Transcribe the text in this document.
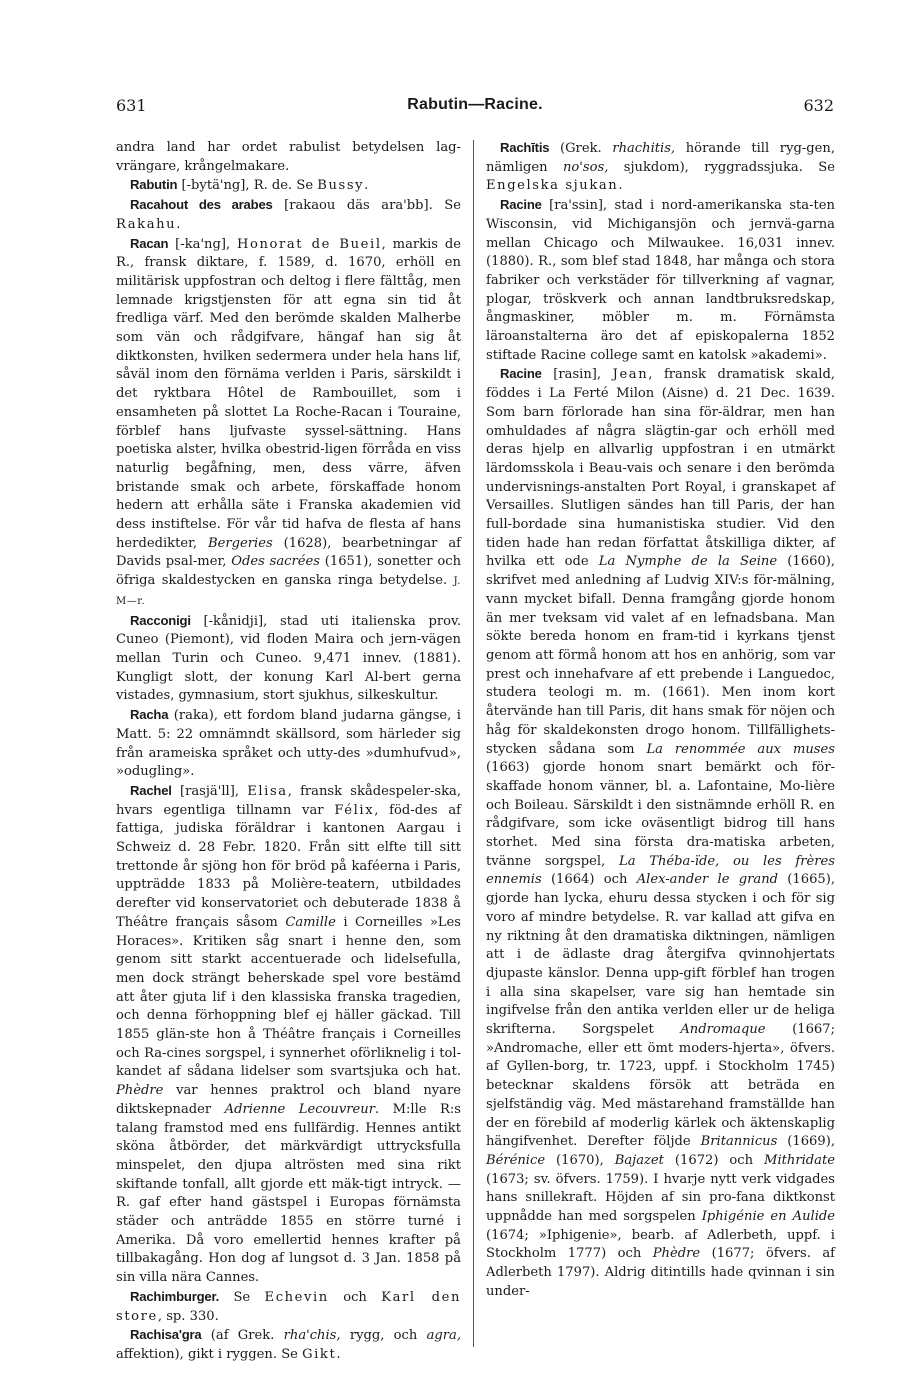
631	Rabutin—Racine.	632

andra land har ordet rabulist betydelsen lag-vrängare, krångelmakare.

Rabutin [-bytä'ng], R. de. Se Bussy.

Racahout des arabes [rakaou däs ara'bb]. Se Rakahu.

Racan [-ka'ng], Honorat de Bueil, markis de R., fransk diktare, f. 1589, d. 1670, erhöll en militärisk uppfostran och deltog i flere fälttåg, men lemnade krigstjensten för att egna sin tid åt fredliga värf. Med den berömde skalden Malherbe som vän och rådgifvare, hängaf han sig åt diktkonsten, hvilken sedermera under hela hans lif, såväl inom den förnäma verlden i Paris, särskildt i det ryktbara Hôtel de Rambouillet, som i ensamheten på slottet La Roche-Racan i Touraine, förblef hans ljufvaste syssel-sättning. Hans poetiska alster, hvilka obestrid-ligen förråda en viss naturlig begåfning, men, dess värre, äfven bristande smak och arbete, förskaffade honom hedern att erhålla säte i Franska akademien vid dess instiftelse. För vår tid hafva de flesta af hans herdedikter, Bergeries (1628), bearbetningar af Davids psal-mer, Odes sacrées (1651), sonetter och öfriga skaldestycken en ganska ringa betydelse. J. M—r.

Racconigi [-kånidji], stad uti italienska prov. Cuneo (Piemont), vid floden Maira och jern-vägen mellan Turin och Cuneo. 9,471 innev. (1881). Kungligt slott, der konung Karl Al-bert gerna vistades, gymnasium, stort sjukhus, silkeskultur.

Racha (raka), ett fordom bland judarna gängse, i Matt. 5: 22 omnämndt skällsord, som härleder sig från arameiska språket och utty-des »dumhufvud», »odugling».

Rachel [rasjä'll], Elisa, fransk skådespeler-ska, hvars egentliga tillnamn var Félix, föd-des af fattiga, judiska föräldrar i kantonen Aargau i Schweiz d. 28 Febr. 1820. Från sitt elfte till sitt trettonde år sjöng hon för bröd på kaféerna i Paris, uppträdde 1833 på Molière-teatern, utbildades derefter vid konservatoriet och debuterade 1838 å Théâtre français såsom Camille i Corneilles »Les Horaces». Kritiken såg snart i henne den, som genom sitt starkt accentuerade och lidelsefulla, men dock strängt beherskade spel vore bestämd att åter gjuta lif i den klassiska franska tragedien, och denna förhoppning blef ej häller gäckad. Till 1855 glän-ste hon å Théâtre français i Corneilles och Ra-cines sorgspel, i synnerhet oförliknelig i tol-kandet af sådana lidelser som svartsjuka och hat. Phèdre var hennes praktrol och bland nyare diktskepnader Adrienne Lecouvreur. M:lle R:s talang framstod med ens fullfärdig. Hennes antikt sköna åtbörder, det märkvärdigt uttrycksfulla minspelet, den djupa altrösten med sina rikt skiftande tonfall, allt gjorde ett mäk-tigt intryck. — R. gaf efter hand gästspel i Europas förnämsta städer och anträdde 1855 en större turné i Amerika. Då voro emellertid hennes krafter på tillbakagång. Hon dog af lungsot d. 3 Jan. 1858 på sin villa nära Cannes.

Rachimburger. Se Echevin och Karl den store, sp. 330.

Rachisa'gra (af Grek. rha'chis, rygg, och agra, affektion), gikt i ryggen. Se Gikt.

Rachītis (Grek. rhachitis, hörande till ryg-gen, nämligen no'sos, sjukdom), ryggradssjuka. Se Engelska sjukan.

Racine [ra'ssin], stad i nord-amerikanska sta-ten Wisconsin, vid Michigansjön och jernvä-garna mellan Chicago och Milwaukee. 16,031 innev. (1880). R., som blef stad 1848, har många och stora fabriker och verkstäder för tillverkning af vagnar, plogar, tröskverk och annan landtbruksredskap, ångmaskiner, möbler m. m. Förnämsta läroanstalterna äro det af episkopalerna 1852 stiftade Racine college samt en katolsk »akademi».

Racine [rasin], Jean, fransk dramatisk skald, föddes i La Ferté Milon (Aisne) d. 21 Dec. 1639. Som barn förlorade han sina för-äldrar, men han omhuldades af några slägtin-gar och erhöll med deras hjelp en allvarlig uppfostran i en utmärkt lärdomsskola i Beau-vais och senare i den berömda undervisnings-anstalten Port Royal, i granskapet af Versailles. Slutligen sändes han till Paris, der han full-bordade sina humanistiska studier. Vid den tiden hade han redan författat åtskilliga dikter, af hvilka ett ode La Nymphe de la Seine (1660), skrifvet med anledning af Ludvig XIV:s för-mälning, vann mycket bifall. Denna framgång gjorde honom än mer tveksam vid valet af en lefnadsbana. Man sökte bereda honom en fram-tid i kyrkans tjenst genom att förmå honom att hos en anhörig, som var prest och innehafvare af ett prebende i Languedoc, studera teologi m. m. (1661). Men inom kort återvände han till Paris, dit hans smak för nöjen och håg för skaldekonsten drogo honom. Tillfällighets-stycken sådana som La renommée aux muses (1663) gjorde honom snart bemärkt och för-skaffade honom vänner, bl. a. Lafontaine, Mo-lière och Boileau. Särskildt i den sistnämnde erhöll R. en rådgifvare, som icke oväsentligt bidrog till hans storhet. Med sina första dra-matiska arbeten, tvänne sorgspel, La Théba-ïde, ou les frères ennemis (1664) och Alex-ander le grand (1665), gjorde han lycka, ehuru dessa stycken i och för sig voro af mindre betydelse. R. var kallad att gifva en ny riktning åt den dramatiska diktningen, nämligen att i de ädlaste drag återgifva qvinnohjertats djupaste känslor. Denna upp-gift förblef han trogen i alla sina skapelser, vare sig han hemtade sin ingifvelse från den antika verlden eller ur de heliga skrifterna. Sorgspelet Andromaque (1667; »Andromache, eller ett ömt moders-hjerta», öfvers. af Gyllen-borg, tr. 1723, uppf. i Stockholm 1745) betecknar skaldens försök att beträda en sjelfständig väg. Med mästarehand framställde han der en förebild af moderlig kärlek och äktenskaplig hängifvenhet. Derefter följde Britannicus (1669), Bérénice (1670), Bajazet (1672) och Mithridate (1673; sv. öfvers. 1759). I hvarje nytt verk vidgades hans snillekraft. Höjden af sin pro-fana diktkonst uppnådde han med sorgspelen Iphigénie en Aulide (1674; »Iphigenie», bearb. af Adlerbeth, uppf. i Stockholm 1777) och Phèdre (1677; öfvers. af Adlerbeth 1797). Aldrig ditintills hade qvinnan i sin under-
